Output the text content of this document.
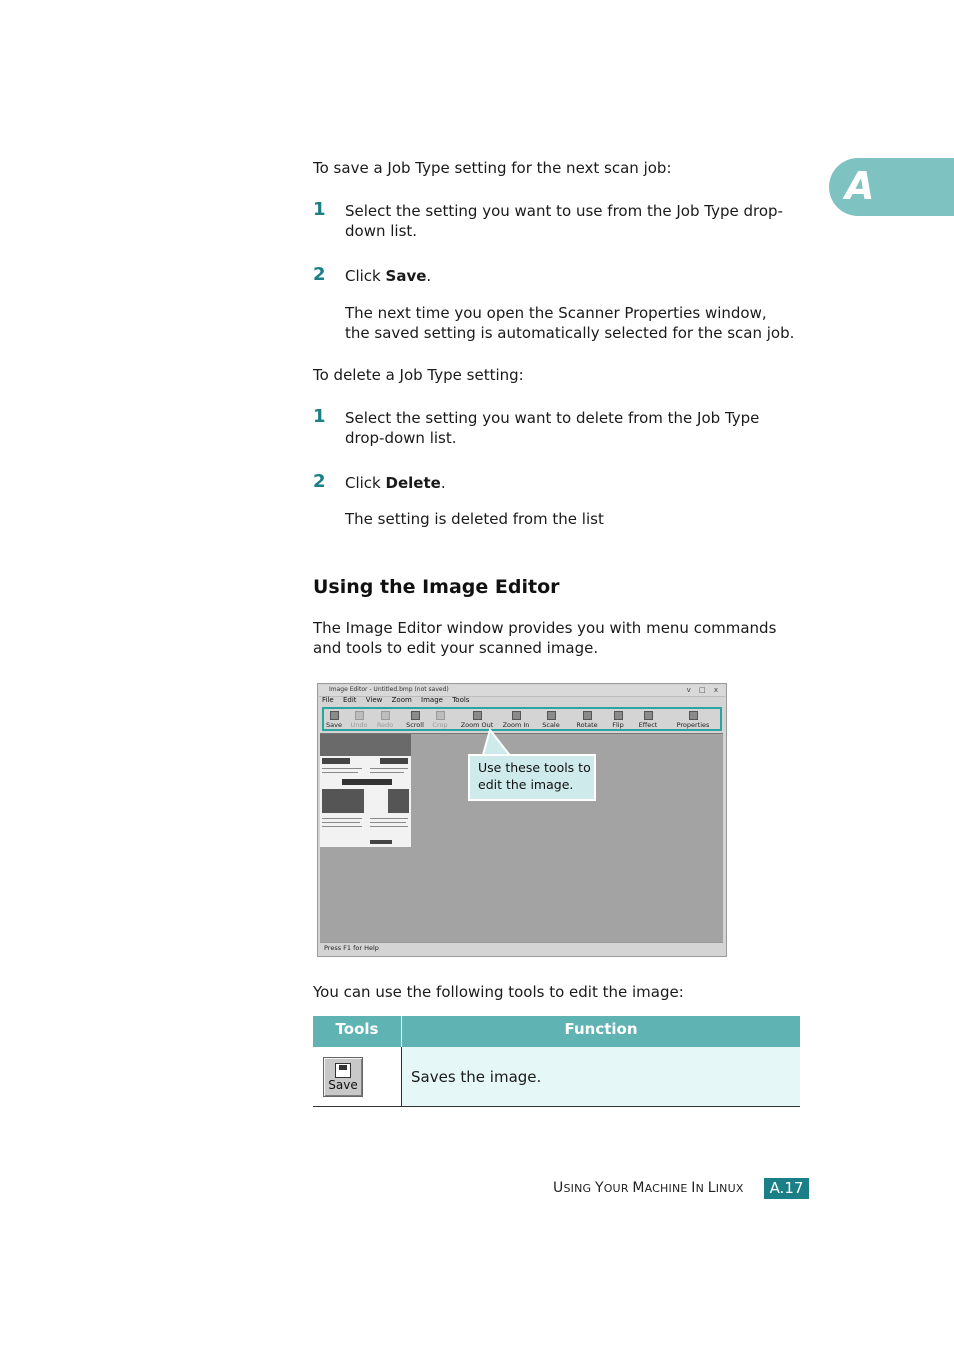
A

To save a Job Type setting for the next scan job:

1 Select the setting you want to use from the Job Type drop-
down list.

2 Click Save.

The next time you open the Scanner Properties window,
the saved setting is automatically selected for the scan job.

To delete a Job Type setting:

1 Select the setting you want to delete from the Job Type
drop-down list.

2 Click Delete.

The setting is deleted from the list

Using the Image Editor

The Image Editor window provides you with menu commands
and tools to edit your scanned image.

Image Editor - Untitled.bmp (not saved)	v □ x
File Edit View Zoom Image Tools
Save	Undo	Redo	Scroll	Crop	Zoom Out	Zoom In	Scale	Rotate	Flip	Effect	Properties
Press F1 for Help
Use these tools to
edit the image.

You can use the following tools to edit the image:

Tools	Function

Save	Saves the image.
USING YOUR MACHINE IN LINUX	A.17
